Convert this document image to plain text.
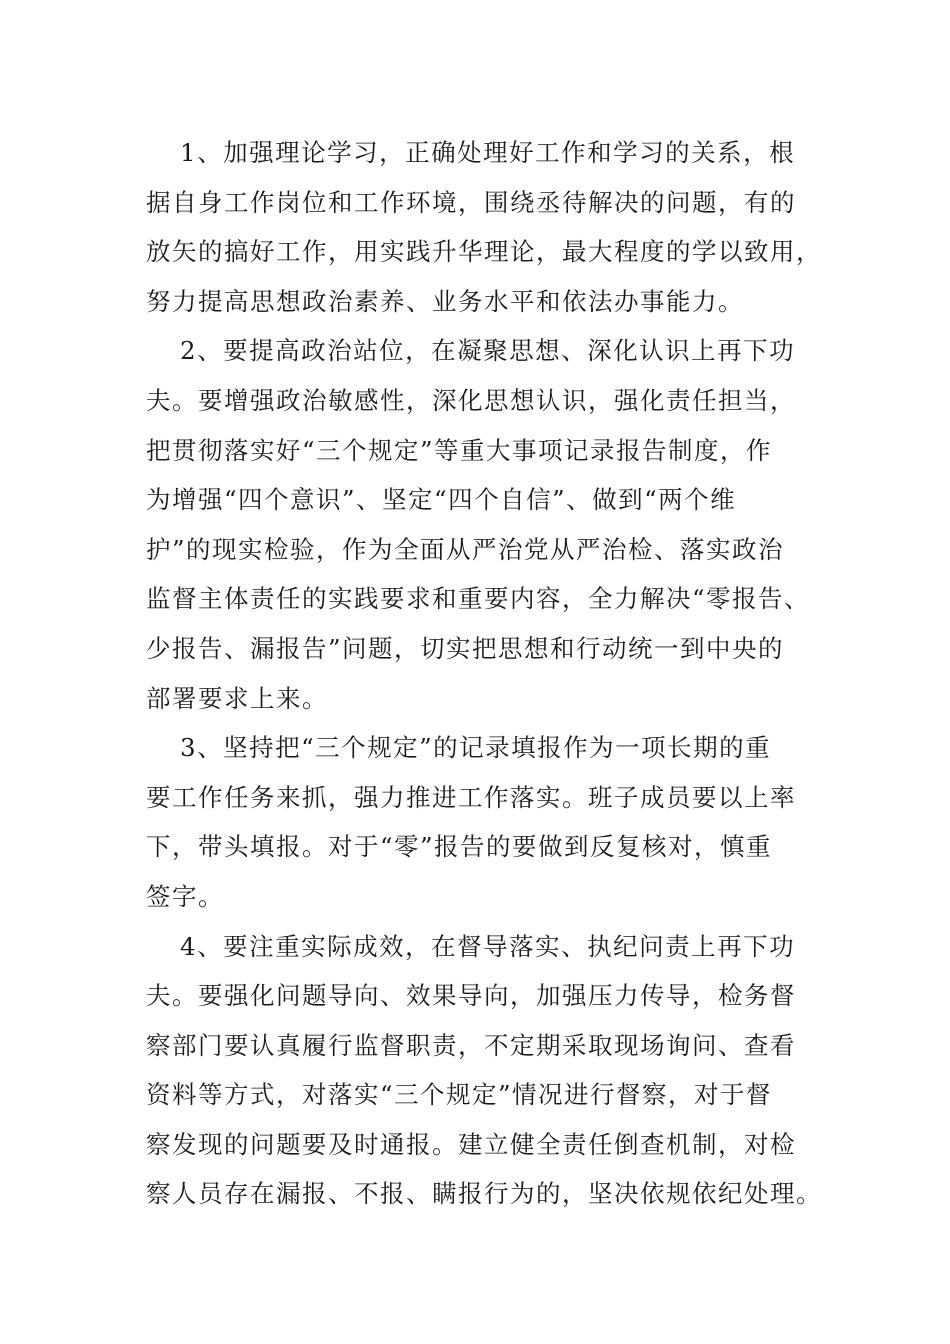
1、加强理论学习，正确处理好工作和学习的关系，根
据自身工作岗位和工作环境，围绕丞待解决的问题，有的
放矢的搞好工作，用实践升华理论，最大程度的学以致用，
努力提高思想政治素养、业务水平和依法办事能力。
2、要提高政治站位，在凝聚思想、深化认识上再下功
夫。要增强政治敏感性，深化思想认识，强化责任担当，
把贯彻落实好“三个规定”等重大事项记录报告制度，作
为增强“四个意识”、坚定“四个自信”、做到“两个维
护”的现实检验，作为全面从严治党从严治检、落实政治
监督主体责任的实践要求和重要内容，全力解决“零报告、
少报告、漏报告”问题，切实把思想和行动统一到中央的
部署要求上来。
3、坚持把“三个规定”的记录填报作为一项长期的重
要工作任务来抓，强力推进工作落实。班子成员要以上率
下，带头填报。对于“零”报告的要做到反复核对，慎重
签字。
4、要注重实际成效，在督导落实、执纪问责上再下功
夫。要强化问题导向、效果导向，加强压力传导，检务督
察部门要认真履行监督职责，不定期采取现场询问、查看
资料等方式，对落实“三个规定”情况进行督察，对于督
察发现的问题要及时通报。建立健全责任倒查机制，对检
察人员存在漏报、不报、瞒报行为的，坚决依规依纪处理。
